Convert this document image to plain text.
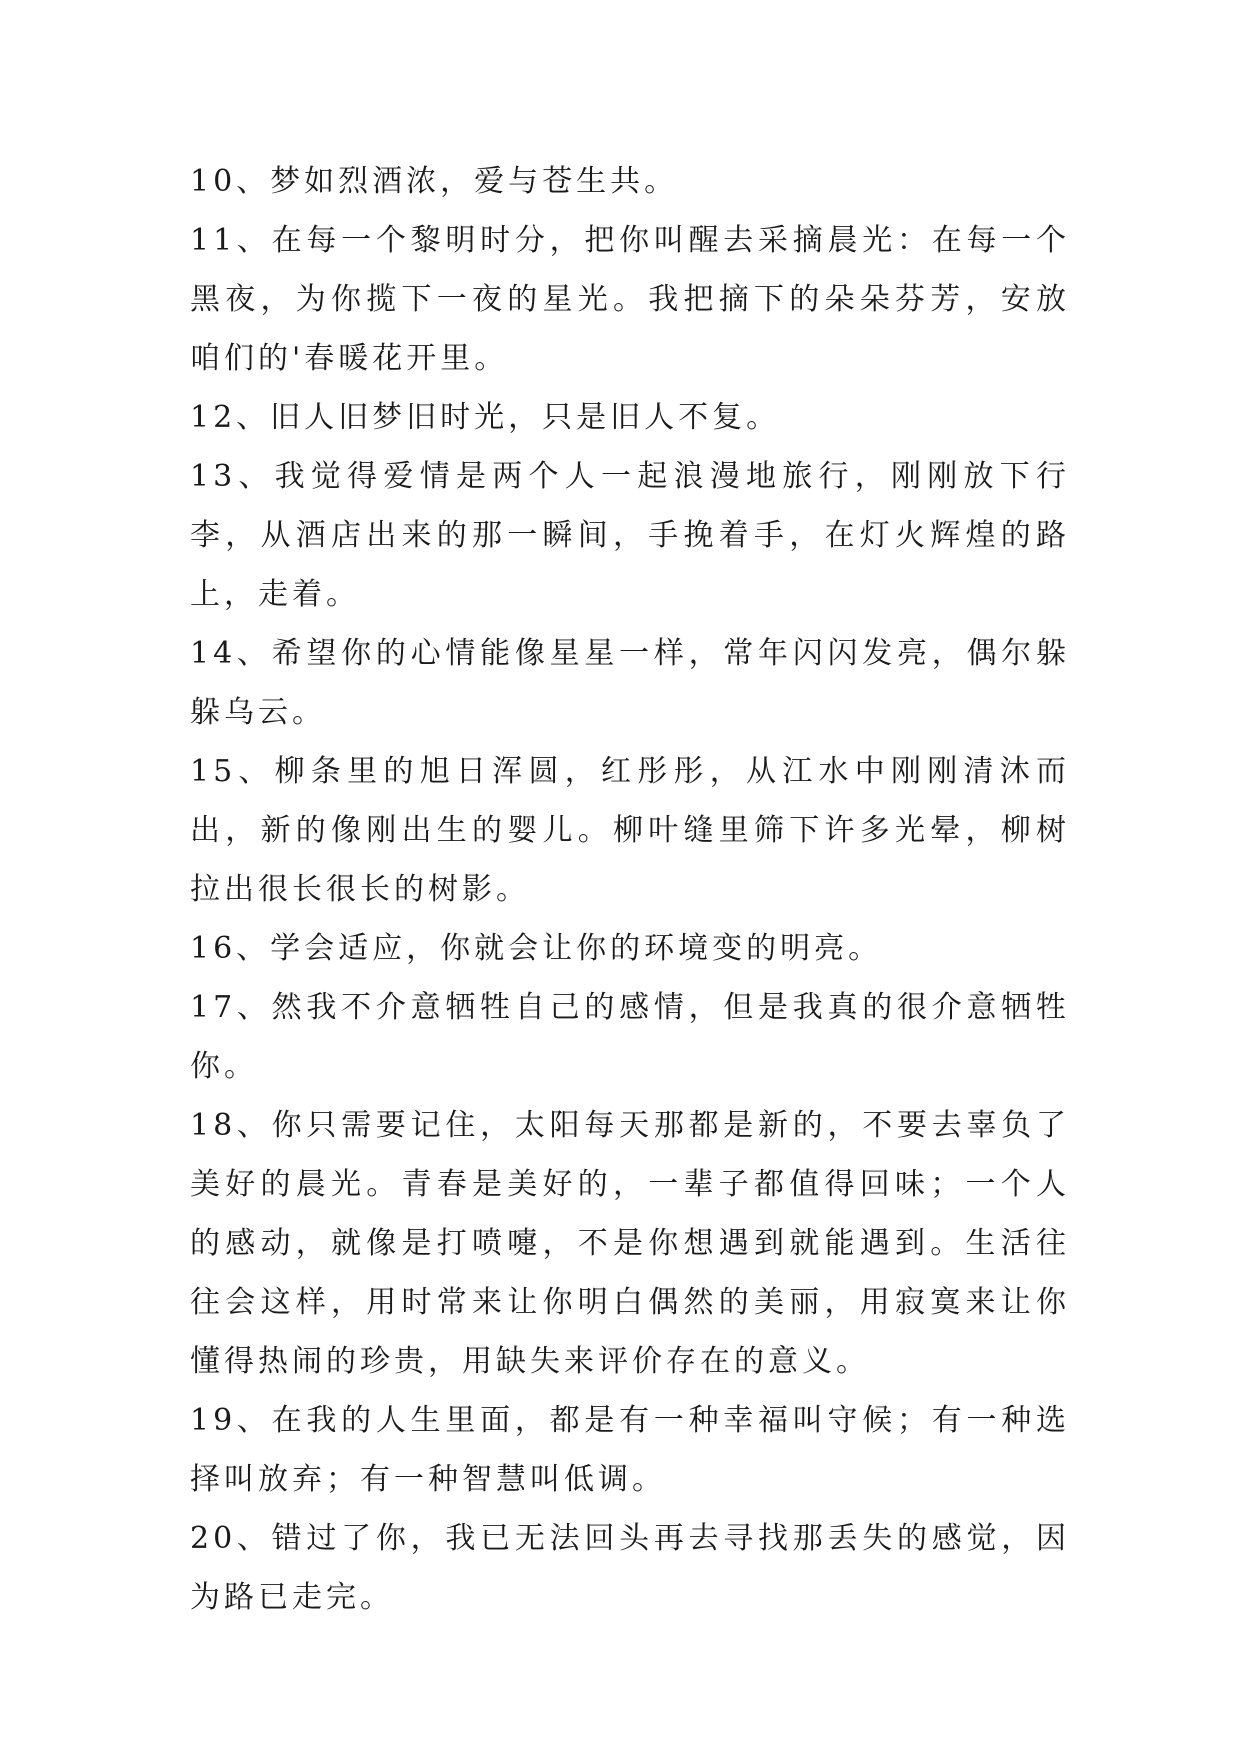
10、梦如烈酒浓，爱与苍生共。

11、在每一个黎明时分，把你叫醒去采摘晨光：在每一个黑夜，为你揽下一夜的星光。我把摘下的朵朵芬芳，安放咱们的'春暖花开里。

12、旧人旧梦旧时光，只是旧人不复。

13、我觉得爱情是两个人一起浪漫地旅行，刚刚放下行李，从酒店出来的那一瞬间，手挽着手，在灯火辉煌的路上，走着。

14、希望你的心情能像星星一样，常年闪闪发亮，偶尔躲躲乌云。

15、柳条里的旭日浑圆，红彤彤，从江水中刚刚清沐而出，新的像刚出生的婴儿。柳叶缝里筛下许多光晕，柳树拉出很长很长的树影。

16、学会适应，你就会让你的环境变的明亮。

17、然我不介意牺牲自己的感情，但是我真的很介意牺牲你。

18、你只需要记住，太阳每天那都是新的，不要去辜负了美好的晨光。青春是美好的，一辈子都值得回味；一个人的感动，就像是打喷嚏，不是你想遇到就能遇到。生活往往会这样，用时常来让你明白偶然的美丽，用寂寞来让你懂得热闹的珍贵，用缺失来评价存在的意义。

19、在我的人生里面，都是有一种幸福叫守候；有一种选择叫放弃；有一种智慧叫低调。

20、错过了你，我已无法回头再去寻找那丢失的感觉，因为路已走完。
